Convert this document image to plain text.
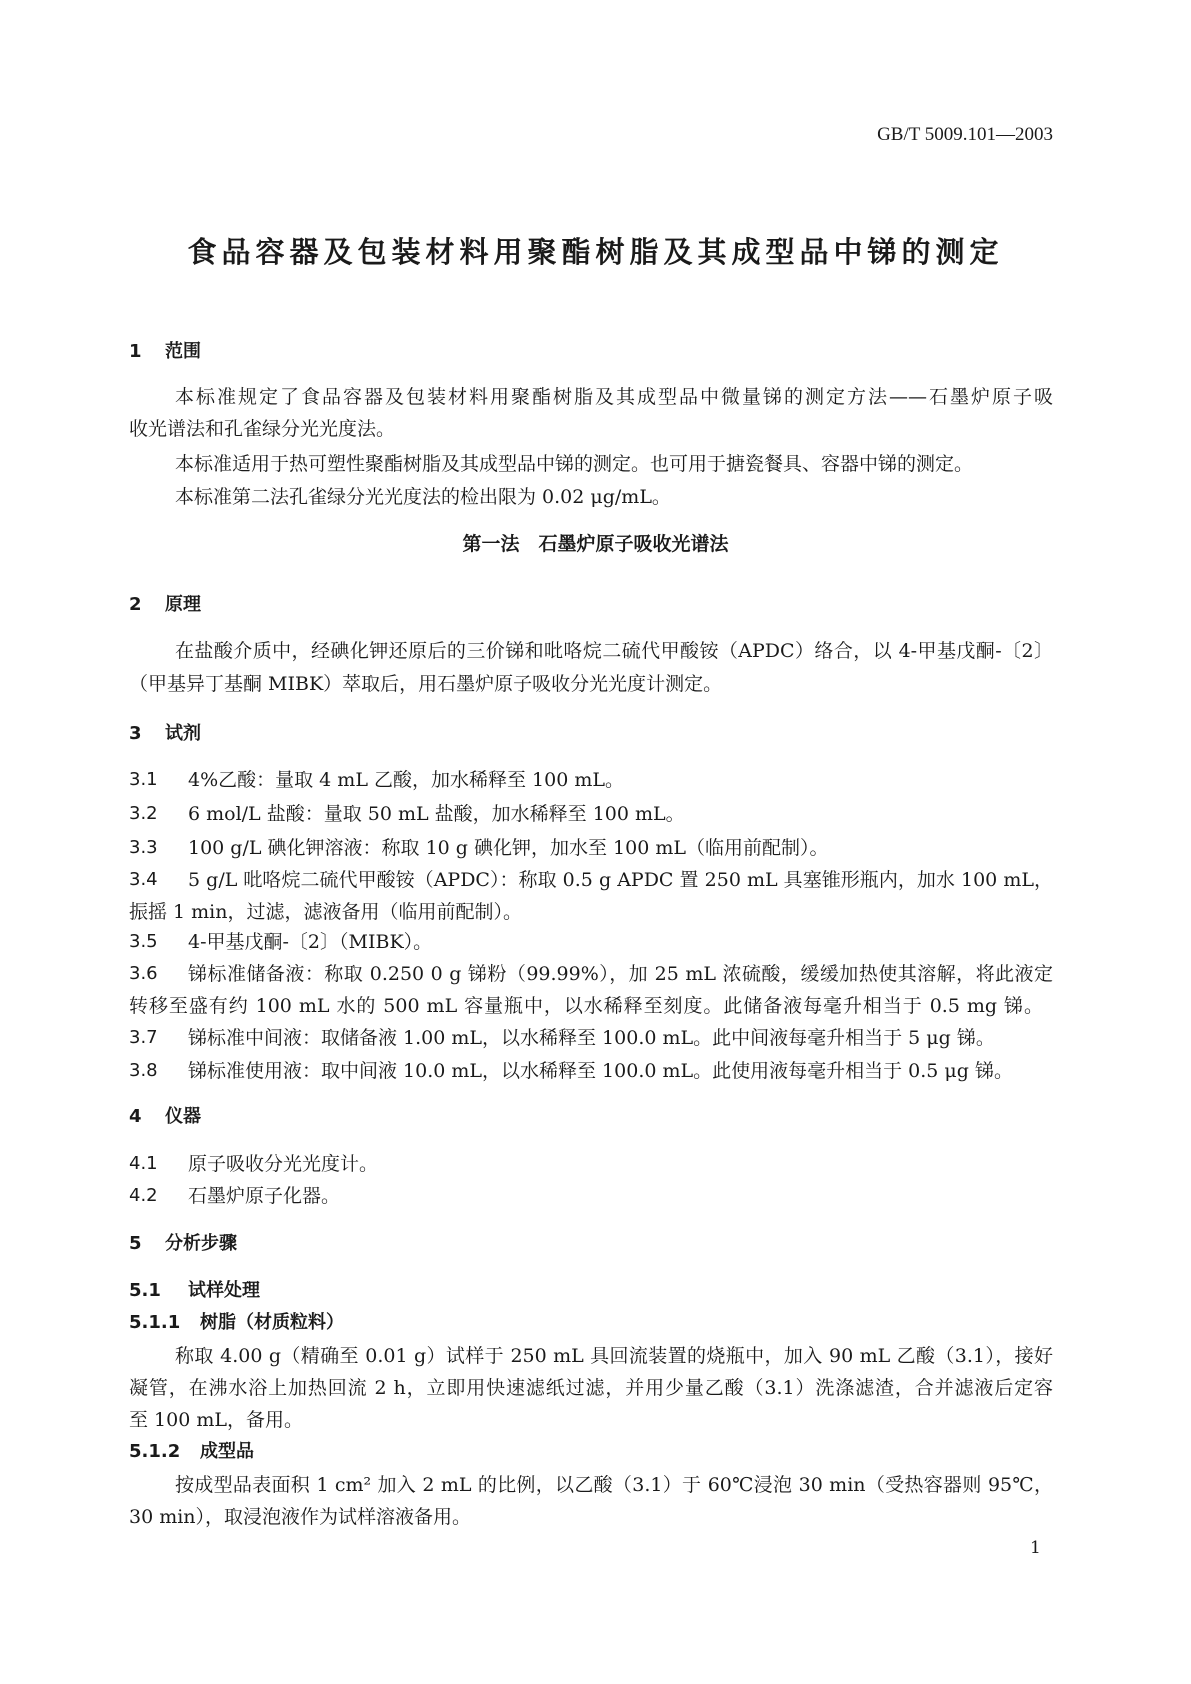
GB/T 5009.101—2003
食品容器及包装材料用聚酯树脂及其成型品中锑的测定
1 范围
本标准规定了食品容器及包装材料用聚酯树脂及其成型品中微量锑的测定方法——石墨炉原子吸
收光谱法和孔雀绿分光光度法。
本标准适用于热可塑性聚酯树脂及其成型品中锑的测定。也可用于搪瓷餐具、容器中锑的测定。
本标准第二法孔雀绿分光光度法的检出限为 0.02 μg/mL。
第一法　石墨炉原子吸收光谱法
2 原理
在盐酸介质中，经碘化钾还原后的三价锑和吡咯烷二硫代甲酸铵（APDC）络合，以 4-甲基戊酮-〔2〕
（甲基异丁基酮 MIBK）萃取后，用石墨炉原子吸收分光光度计测定。
3 试剂
3.1 4%乙酸：量取 4 mL 乙酸，加水稀释至 100 mL。
3.2 6 mol/L 盐酸：量取 50 mL 盐酸，加水稀释至 100 mL。
3.3 100 g/L 碘化钾溶液：称取 10 g 碘化钾，加水至 100 mL（临用前配制）。
3.4 5 g/L 吡咯烷二硫代甲酸铵（APDC）：称取 0.5 g APDC 置 250 mL 具塞锥形瓶内，加水 100 mL，
振摇 1 min，过滤，滤液备用（临用前配制）。
3.5 4-甲基戊酮-〔2〕（MIBK）。
3.6 锑标准储备液：称取 0.250 0 g 锑粉（99.99%），加 25 mL 浓硫酸，缓缓加热使其溶解，将此液定
转移至盛有约 100 mL 水的 500 mL 容量瓶中，以水稀释至刻度。此储备液每毫升相当于 0.5 mg 锑。
3.7 锑标准中间液：取储备液 1.00 mL，以水稀释至 100.0 mL。此中间液每毫升相当于 5 μg 锑。
3.8 锑标准使用液：取中间液 10.0 mL，以水稀释至 100.0 mL。此使用液每毫升相当于 0.5 μg 锑。
4 仪器
4.1 原子吸收分光光度计。
4.2 石墨炉原子化器。
5 分析步骤
5.1 试样处理
5.1.1 树脂（材质粒料）
称取 4.00 g（精确至 0.01 g）试样于 250 mL 具回流装置的烧瓶中，加入 90 mL 乙酸（3.1），接好
凝管，在沸水浴上加热回流 2 h，立即用快速滤纸过滤，并用少量乙酸（3.1）洗涤滤渣，合并滤液后定容
至 100 mL，备用。
5.1.2 成型品
按成型品表面积 1 cm² 加入 2 mL 的比例，以乙酸（3.1）于 60℃浸泡 30 min（受热容器则 95℃，
30 min），取浸泡液作为试样溶液备用。
1
